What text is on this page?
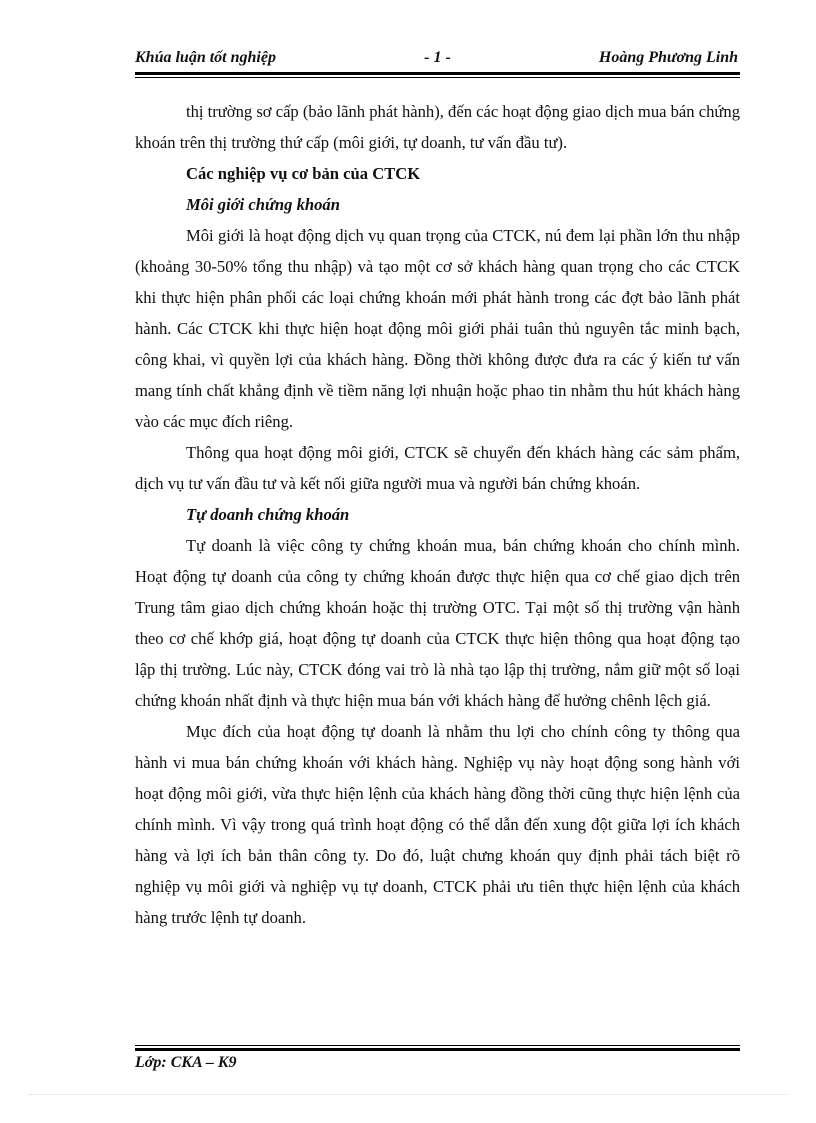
Khúa luận tốt nghiệp	- 1 -	Hoàng Phương Linh

thị trường sơ cấp (bảo lãnh phát hành), đến các hoạt động giao dịch mua bán chứng khoán trên thị trường thứ cấp (môi giới, tự doanh, tư vấn đầu tư).

Các nghiệp vụ cơ bản của CTCK

Môi giới chứng khoán

Môi giới là hoạt động dịch vụ quan trọng của CTCK, nú đem lại phần lớn thu nhập (khoảng 30-50% tổng thu nhập) và tạo một cơ sở khách hàng quan trọng cho các CTCK khi thực hiện phân phối các loại chứng khoán mới phát hành trong các đợt bảo lãnh phát hành. Các CTCK khi thực hiện hoạt động môi giới phải tuân thủ nguyên tắc minh bạch, công khai, vì quyền lợi của khách hàng. Đồng thời không được đưa ra các ý kiến tư vấn mang tính chất khẳng định về tiềm năng lợi nhuận hoặc phao tin nhằm thu hút khách hàng vào các mục đích riêng.

Thông qua hoạt động môi giới, CTCK sẽ chuyển đến khách hàng các sảm phẩm, dịch vụ tư vấn đầu tư và kết nối giữa người mua và người bán chứng khoán.

Tự doanh chứng khoán

Tự doanh là việc công ty chứng khoán mua, bán chứng khoán cho chính mình. Hoạt động tự doanh của công ty chứng khoán được thực hiện qua cơ chế giao dịch trên Trung tâm giao dịch chứng khoán hoặc thị trường OTC. Tại một số thị trường vận hành theo cơ chế khớp giá, hoạt động tự doanh của CTCK thực hiện thông qua hoạt động tạo lập thị trường. Lúc này, CTCK đóng vai trò là nhà tạo lập thị trường, nắm giữ một số loại chứng khoán nhất định và thực hiện mua bán với khách hàng để hưởng chênh lệch giá.

Mục đích của hoạt động tự doanh là nhằm thu lợi cho chính công ty thông qua hành vi mua bán chứng khoán với khách hàng. Nghiệp vụ này hoạt động song hành với hoạt động môi giới, vừa thực hiện lệnh của khách hàng đồng thời cũng thực hiện lệnh của chính mình. Vì vậy trong quá trình hoạt động có thể dẫn đến xung đột giữa lợi ích khách hàng và lợi ích bản thân công ty. Do đó, luật chưng khoán quy định phải tách biệt rõ nghiệp vụ môi giới và nghiệp vụ tự doanh, CTCK phải ưu tiên thực hiện lệnh của khách hàng trước lệnh tự doanh.

Lớp: CKA – K9
